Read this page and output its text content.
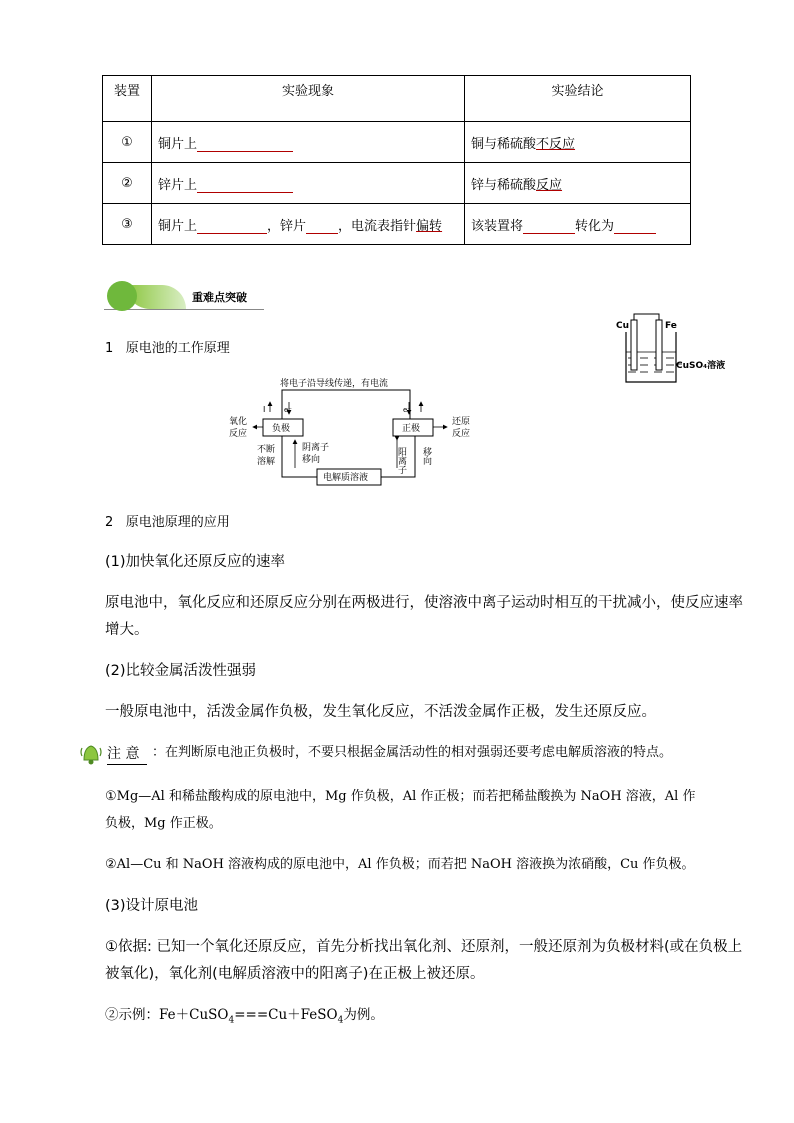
装置	实验现象	实验结论
①	铜片上	铜与稀硫酸不反应
②	锌片上	锌与稀硫酸反应
③	铜片上 ，锌片 ，电流表指针偏转	该装置将 转化为
重难点突破
Cu	Fe
CuSO₄溶液
1 原电池的工作原理
将电子沿导线传递，有电流
负极	正极
电解质溶液
I	e⁻	e⁻
氧化
反应
不断
溶解
阴离子
移向	阳离子 移向
还原
反应
2 原电池原理的应用
(1)加快氧化还原反应的速率
原电池中，氧化反应和还原反应分别在两极进行，使溶液中离子运动时相互的干扰减小，使反应速率
增大。
(2)比较金属活泼性强弱
一般原电池中，活泼金属作负极，发生氧化反应，不活泼金属作正极，发生还原反应。
注 意 ：在判断原电池正负极时，不要只根据金属活动性的相对强弱还要考虑电解质溶液的特点。
①Mg—Al 和稀盐酸构成的原电池中，Mg 作负极，Al 作正极；而若把稀盐酸换为 NaOH 溶液，Al 作
负极，Mg 作正极。
②Al—Cu 和 NaOH 溶液构成的原电池中，Al 作负极；而若把 NaOH 溶液换为浓硝酸，Cu 作负极。
(3)设计原电池
①依据: 已知一个氧化还原反应，首先分析找出氧化剂、还原剂，一般还原剂为负极材料(或在负极上
被氧化)，氧化剂(电解质溶液中的阳离子)在正极上被还原。
②示例：Fe＋CuSO$_4$===Cu＋FeSO$_4$为例。
